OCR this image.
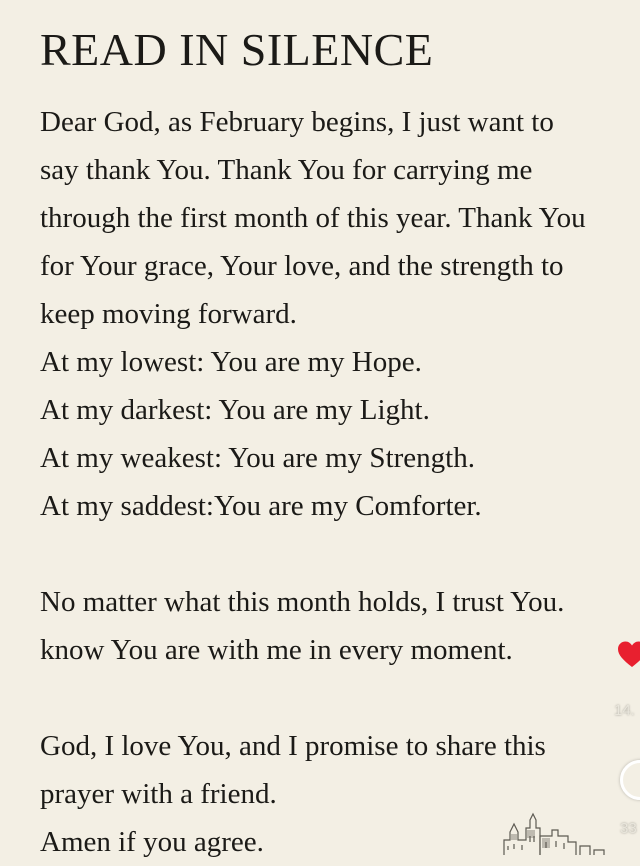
READ IN SILENCE
Dear God, as February begins, I just want to
say thank You. Thank You for carrying me
through the first month of this year. Thank You
for Your grace, Your love, and the strength to
keep moving forward.
At my lowest: You are my Hope.
At my darkest: You are my Light.
At my weakest: You are my Strength.
At my saddest:You are my Comforter.
No matter what this month holds, I trust You.
know You are with me in every moment.
God, I love You, and I promise to share this
prayer with a friend.
Amen if you agree.
14.
33
